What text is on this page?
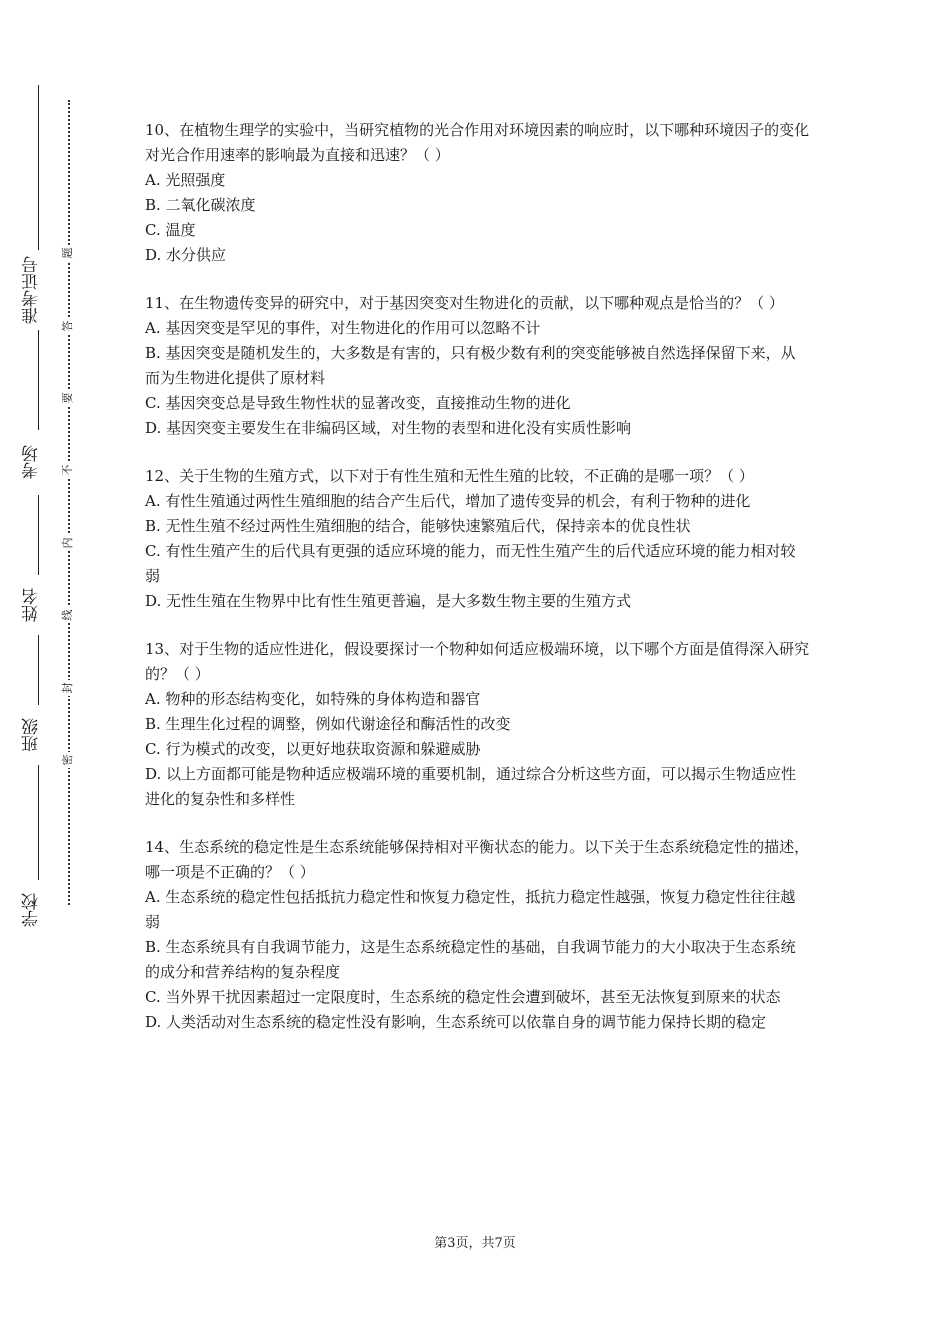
准考证号
考场
姓名
班级
学校
题
答
要
不
内
线
封
密

10、在植物生理学的实验中，当研究植物的光合作用对环境因素的响应时，以下哪种环境因子的变化对光合作用速率的影响最为直接和迅速？（ ）

A. 光照强度

B. 二氧化碳浓度

C. 温度

D. 水分供应

11、在生物遗传变异的研究中，对于基因突变对生物进化的贡献，以下哪种观点是恰当的？（ ）

A. 基因突变是罕见的事件，对生物进化的作用可以忽略不计

B. 基因突变是随机发生的，大多数是有害的，只有极少数有利的突变能够被自然选择保留下来，从而为生物进化提供了原材料

C. 基因突变总是导致生物性状的显著改变，直接推动生物的进化

D. 基因突变主要发生在非编码区域，对生物的表型和进化没有实质性影响

12、关于生物的生殖方式，以下对于有性生殖和无性生殖的比较，不正确的是哪一项？（ ）

A. 有性生殖通过两性生殖细胞的结合产生后代，增加了遗传变异的机会，有利于物种的进化

B. 无性生殖不经过两性生殖细胞的结合，能够快速繁殖后代，保持亲本的优良性状

C. 有性生殖产生的后代具有更强的适应环境的能力，而无性生殖产生的后代适应环境的能力相对较弱

D. 无性生殖在生物界中比有性生殖更普遍，是大多数生物主要的生殖方式

13、对于生物的适应性进化，假设要探讨一个物种如何适应极端环境，以下哪个方面是值得深入研究的？（ ）

A. 物种的形态结构变化，如特殊的身体构造和器官

B. 生理生化过程的调整，例如代谢途径和酶活性的改变

C. 行为模式的改变，以更好地获取资源和躲避威胁

D. 以上方面都可能是物种适应极端环境的重要机制，通过综合分析这些方面，可以揭示生物适应性进化的复杂性和多样性

14、生态系统的稳定性是生态系统能够保持相对平衡状态的能力。以下关于生态系统稳定性的描述，哪一项是不正确的？（ ）

A. 生态系统的稳定性包括抵抗力稳定性和恢复力稳定性，抵抗力稳定性越强，恢复力稳定性往往越弱

B. 生态系统具有自我调节能力，这是生态系统稳定性的基础，自我调节能力的大小取决于生态系统的成分和营养结构的复杂程度

C. 当外界干扰因素超过一定限度时，生态系统的稳定性会遭到破坏，甚至无法恢复到原来的状态

D. 人类活动对生态系统的稳定性没有影响，生态系统可以依靠自身的调节能力保持长期的稳定

第3页，共7页
